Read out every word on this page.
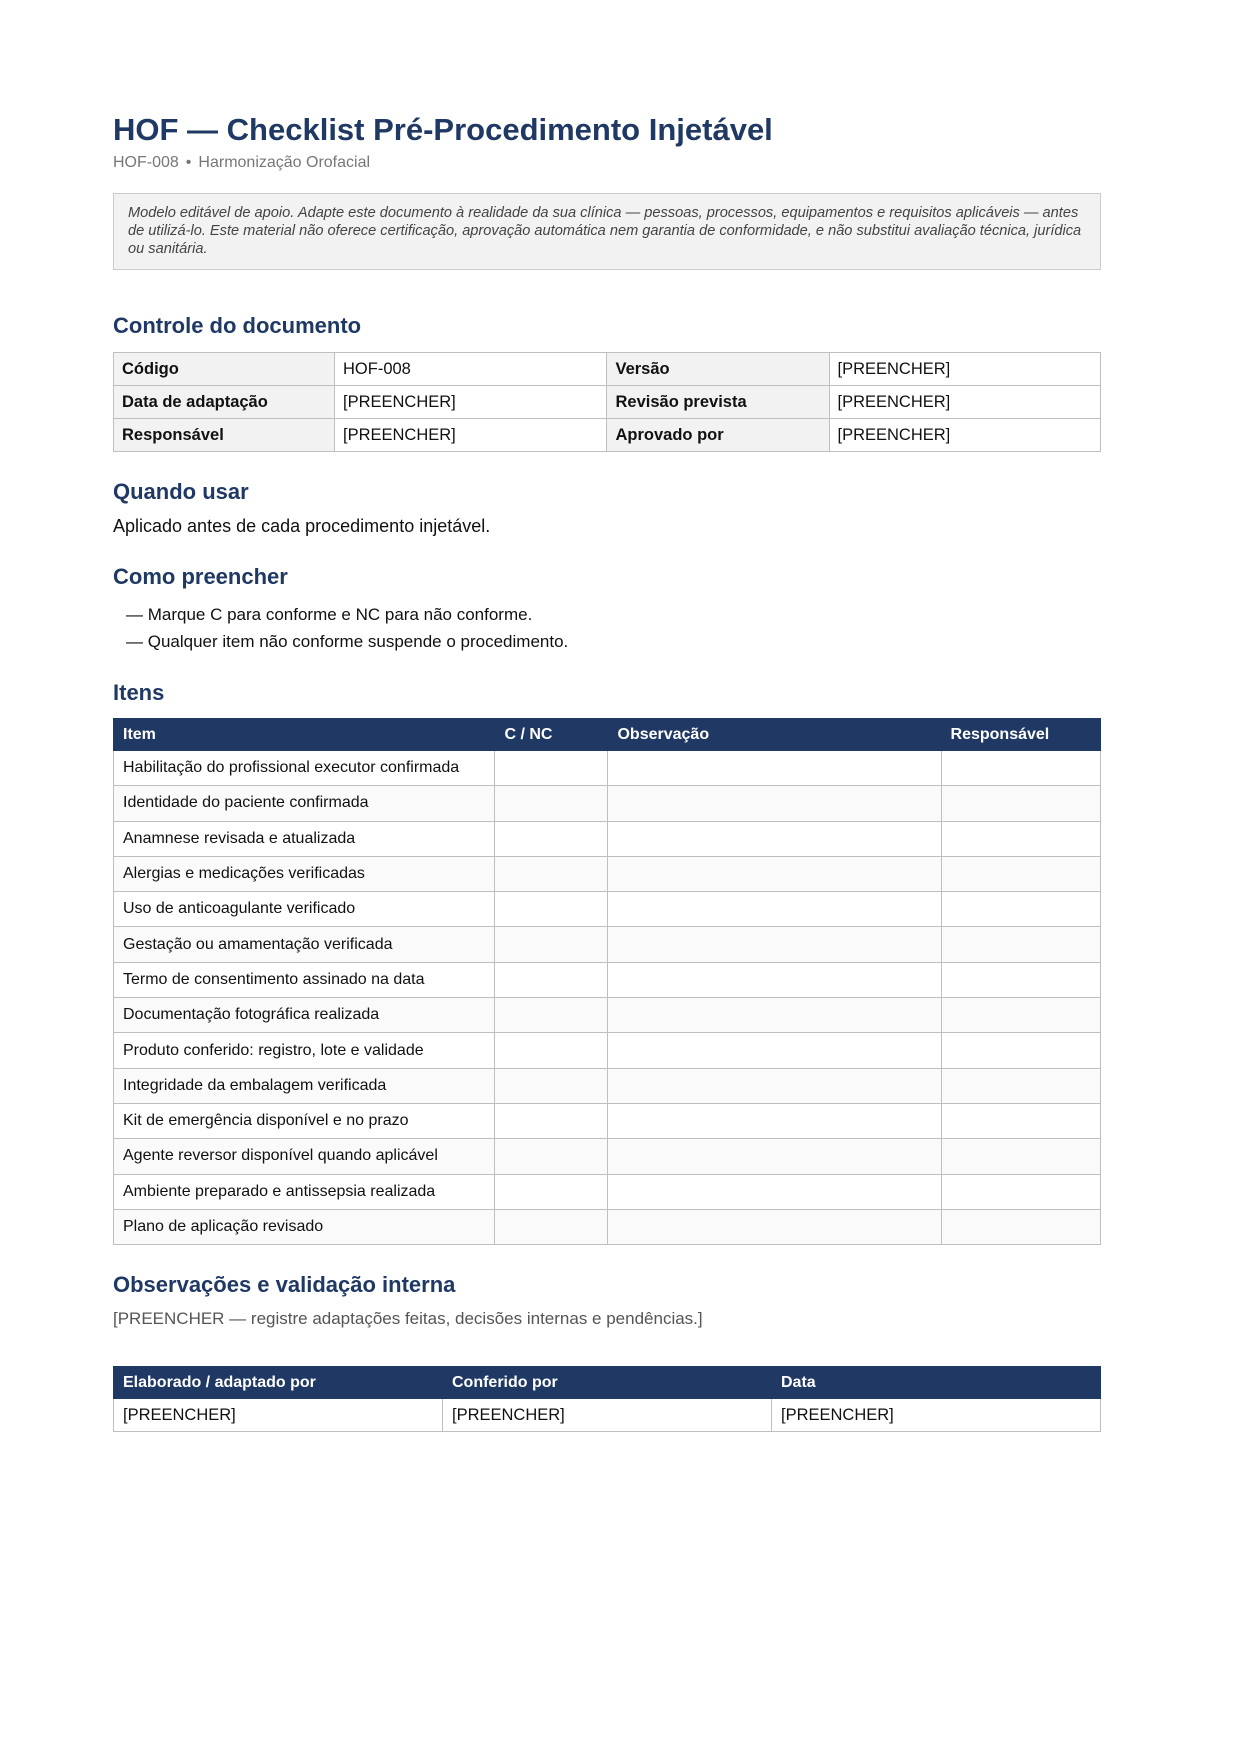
HOF — Checklist Pré-Procedimento Injetável
HOF-008 • Harmonização Orofacial
Modelo editável de apoio. Adapte este documento à realidade da sua clínica — pessoas, processos, equipamentos e requisitos aplicáveis — antes de utilizá-lo. Este material não oferece certificação, aprovação automática nem garantia de conformidade, e não substitui avaliação técnica, jurídica ou sanitária.
Controle do documento
Código	HOF-008	Versão	[PREENCHER]
Data de adaptação	[PREENCHER]	Revisão prevista	[PREENCHER]
Responsável	[PREENCHER]	Aprovado por	[PREENCHER]
Quando usar
Aplicado antes de cada procedimento injetável.
Como preencher
— Marque C para conforme e NC para não conforme.
— Qualquer item não conforme suspende o procedimento.
Itens
Item	C / NC	Observação	Responsável
Habilitação do profissional executor confirmada			
Identidade do paciente confirmada			
Anamnese revisada e atualizada			
Alergias e medicações verificadas			
Uso de anticoagulante verificado			
Gestação ou amamentação verificada			
Termo de consentimento assinado na data			
Documentação fotográfica realizada			
Produto conferido: registro, lote e validade			
Integridade da embalagem verificada			
Kit de emergência disponível e no prazo			
Agente reversor disponível quando aplicável			
Ambiente preparado e antissepsia realizada			
Plano de aplicação revisado			
Observações e validação interna
[PREENCHER — registre adaptações feitas, decisões internas e pendências.]
Elaborado / adaptado por	Conferido por	Data
[PREENCHER]	[PREENCHER]	[PREENCHER]
